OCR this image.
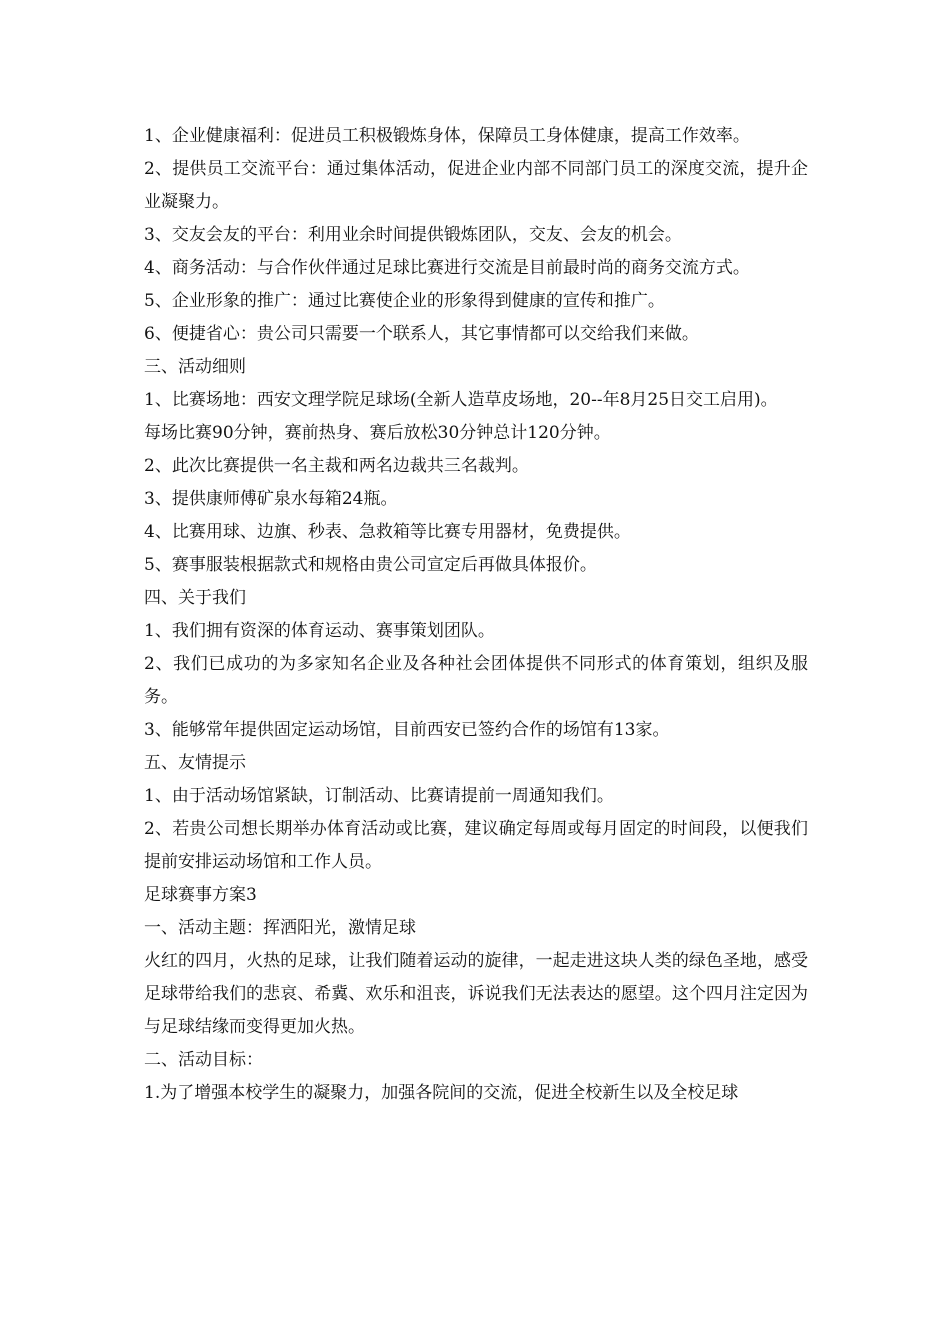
1、企业健康福利：促进员工积极锻炼身体，保障员工身体健康，提高工作效率。

2、提供员工交流平台：通过集体活动，促进企业内部不同部门员工的深度交流，提升企业凝聚力。

3、交友会友的平台：利用业余时间提供锻炼团队，交友、会友的机会。

4、商务活动：与合作伙伴通过足球比赛进行交流是目前最时尚的商务交流方式。

5、企业形象的推广：通过比赛使企业的形象得到健康的宣传和推广。

6、便捷省心：贵公司只需要一个联系人，其它事情都可以交给我们来做。

三、活动细则

1、比赛场地：西安文理学院足球场(全新人造草皮场地，20--年8月25日交工启用)。

每场比赛90分钟，赛前热身、赛后放松30分钟总计120分钟。

2、此次比赛提供一名主裁和两名边裁共三名裁判。

3、提供康师傅矿泉水每箱24瓶。

4、比赛用球、边旗、秒表、急救箱等比赛专用器材，免费提供。

5、赛事服装根据款式和规格由贵公司宣定后再做具体报价。

四、关于我们

1、我们拥有资深的体育运动、赛事策划团队。

2、我们已成功的为多家知名企业及各种社会团体提供不同形式的体育策划，组织及服务。

3、能够常年提供固定运动场馆，目前西安已签约合作的场馆有13家。

五、友情提示

1、由于活动场馆紧缺，订制活动、比赛请提前一周通知我们。

2、若贵公司想长期举办体育活动或比赛，建议确定每周或每月固定的时间段，以便我们提前安排运动场馆和工作人员。

足球赛事方案3

一、活动主题：挥洒阳光，激情足球

火红的四月，火热的足球，让我们随着运动的旋律，一起走进这块人类的绿色圣地，感受足球带给我们的悲哀、希冀、欢乐和沮丧，诉说我们无法表达的愿望。这个四月注定因为与足球结缘而变得更加火热。

二、活动目标：

1.为了增强本校学生的凝聚力，加强各院间的交流，促进全校新生以及全校足球
